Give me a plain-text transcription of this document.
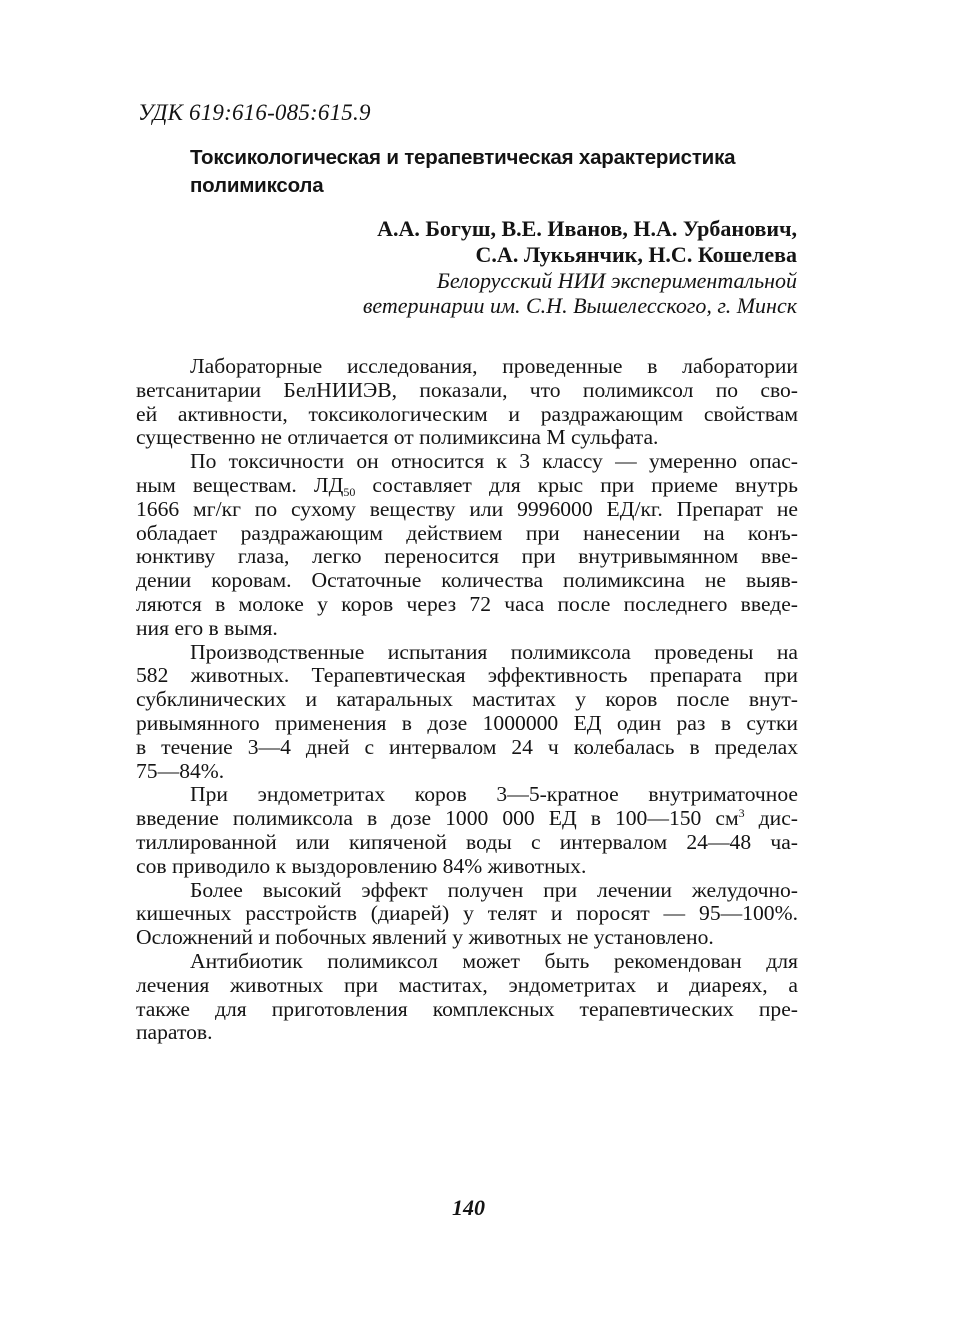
УДК 619:616-085:615.9
Токсикологическая и терапевтическая характеристика
полимиксола
А.А. Богуш, В.Е. Иванов, Н.А. Урбанович,
С.А. Лукьянчик, Н.С. Кошелева
Белорусский НИИ экспериментальной
ветеринарии им. С.Н. Вышелесского, г. Минск

Лабораторные исследования, проведенные в лаборатории
ветсанитарии БелНИИЭВ, показали, что полимиксол по сво-
ей активности, токсикологическим и раздражающим свойствам
существенно не отличается от полимиксина М сульфата.

По токсичности он относится к 3 классу — умеренно опас-
ным веществам. $ЛД_{50}$ составляет для крыс при приеме внутрь
1666 мг/кг по сухому веществу или 9996000 ЕД/кг. Препарат не
обладает раздражающим действием при нанесении на конъ-
юнктиву глаза, легко переносится при внутривымянном вве-
дении коровам. Остаточные количества полимиксина не выяв-
ляются в молоке у коров через 72 часа после последнего введе-
ния его в вымя.

Производственные испытания полимиксола проведены на
582 животных. Терапевтическая эффективность препарата при
субклинических и катаральных маститах у коров после внут-
ривымянного применения в дозе 1000000 ЕД один раз в сутки
в течение 3—4 дней с интервалом 24 ч колебалась в пределах
75—84%.

При эндометритах коров 3—5-кратное внутриматочное
введение полимиксола в дозе 1000 000 ЕД в 100—150 $см^3$ дис-
тиллированной или кипяченой воды с интервалом 24—48 ча-
сов приводило к выздоровлению 84% животных.

Более высокий эффект получен при лечении желудочно-
кишечных расстройств (диарей) у телят и поросят — 95—100%.
Осложнений и побочных явлений у животных не установлено.

Антибиотик полимиксол может быть рекомендован для
лечения животных при маститах, эндометритах и диареях, а
также для приготовления комплексных терапевтических пре-
паратов.

140
